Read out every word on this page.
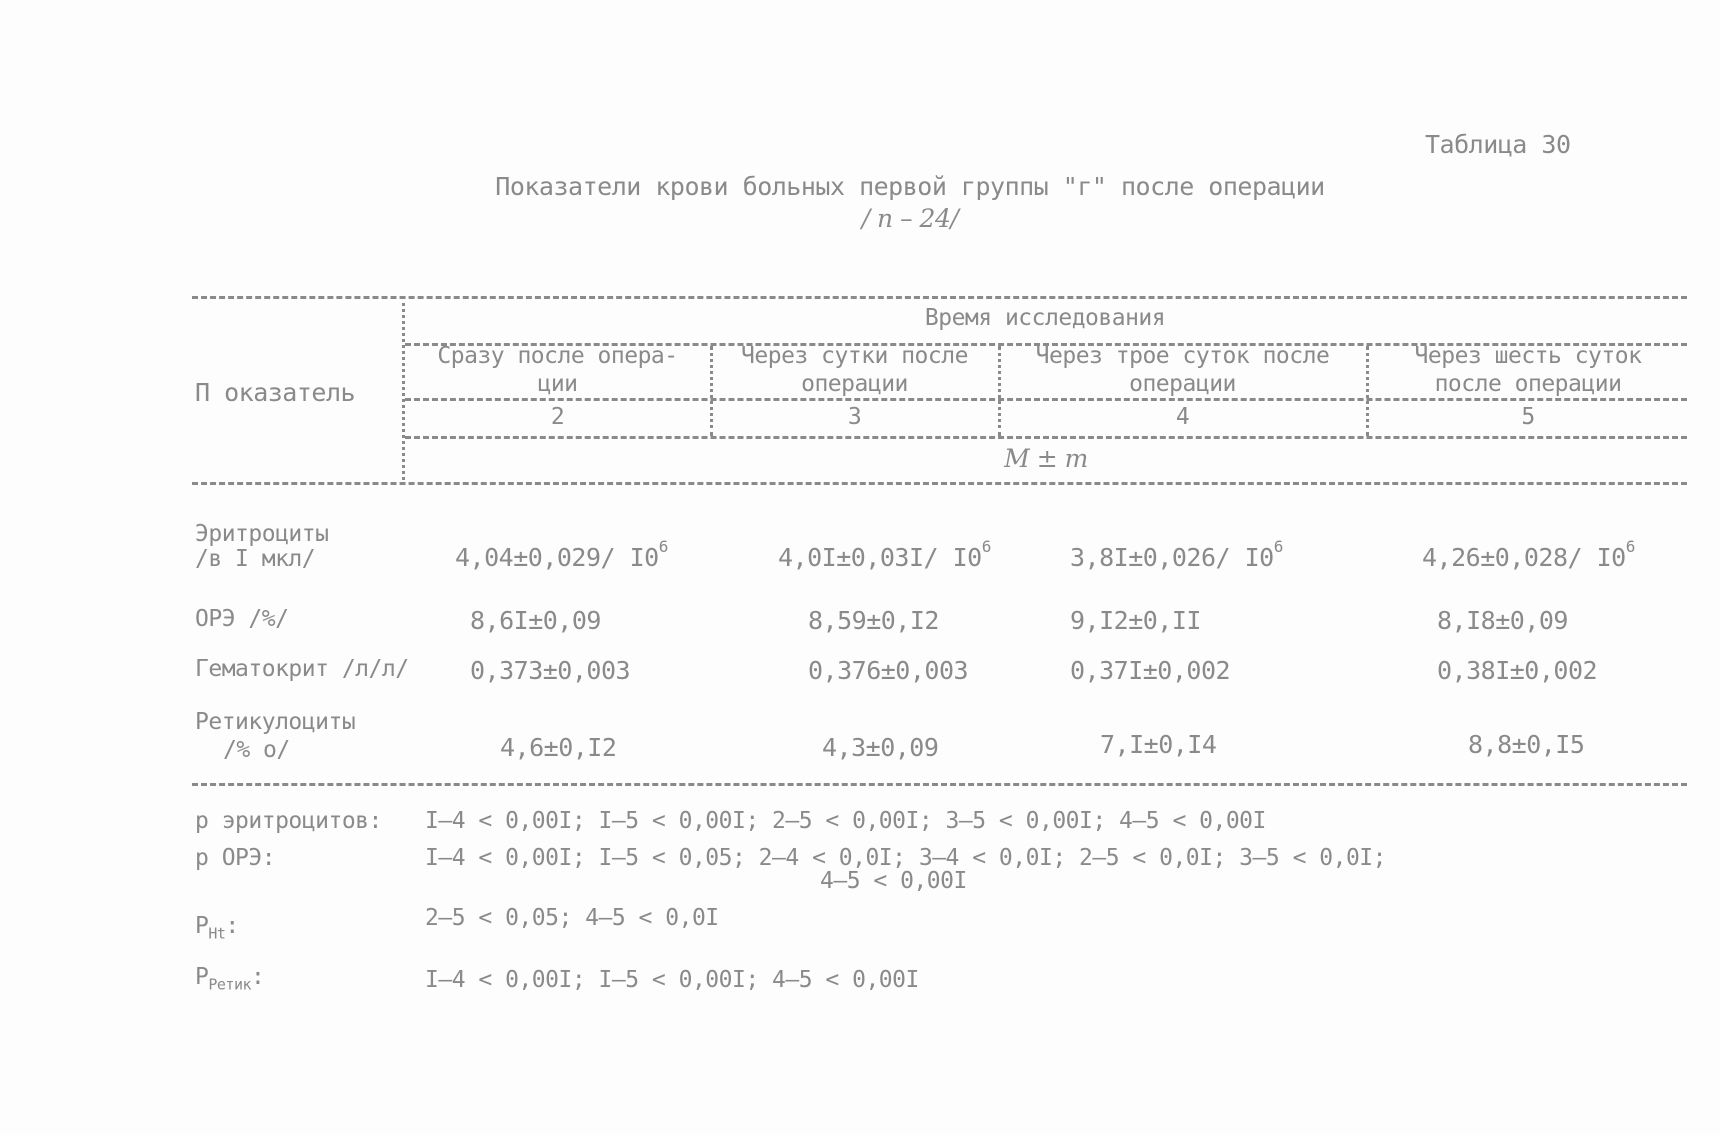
Таблица 30
Показатели крови больных первой группы "г" после операции
/ n – 24/
П оказатель
Время исследования
Сразу после опера-
ции
Через сутки после
операции
Через трое суток после
операции
Через шесть суток
после операции
2	3	4	5
M ± m
Эритроциты
/в I мкл/	4,04±0,029/ $I0^6$	4,0I±0,03I/ $I0^6$	3,8I±0,026/ $I0^6$	4,26±0,028/ $I0^6$
ОРЭ /%/	8,6I±0,09	8,59±0,I2	9,I2±0,II	8,I8±0,09
Гематокрит /л/л/ 0,373±0,003	0,376±0,003	0,37I±0,002	0,38I±0,002
Ретикулоциты
/% о/	4,6±0,I2	4,3±0,09	7,I±0,I4	8,8±0,I5
р эритроцитов: I–4 < 0,00I; I–5 < 0,00I; 2–5 < 0,00I; 3–5 < 0,00I; 4–5 < 0,00I
р ОРЭ:	I–4 < 0,00I; I–5 < 0,05; 2–4 < 0,0I; 3–4 < 0,0I; 2–5 < 0,0I; 3–5 < 0,0I;
4–5 < 0,00I
$P_{Ht}$:	2–5 < 0,05; 4–5 < 0,0I
$P_{Ретик}$:	I–4 < 0,00I; I–5 < 0,00I; 4–5 < 0,00I
